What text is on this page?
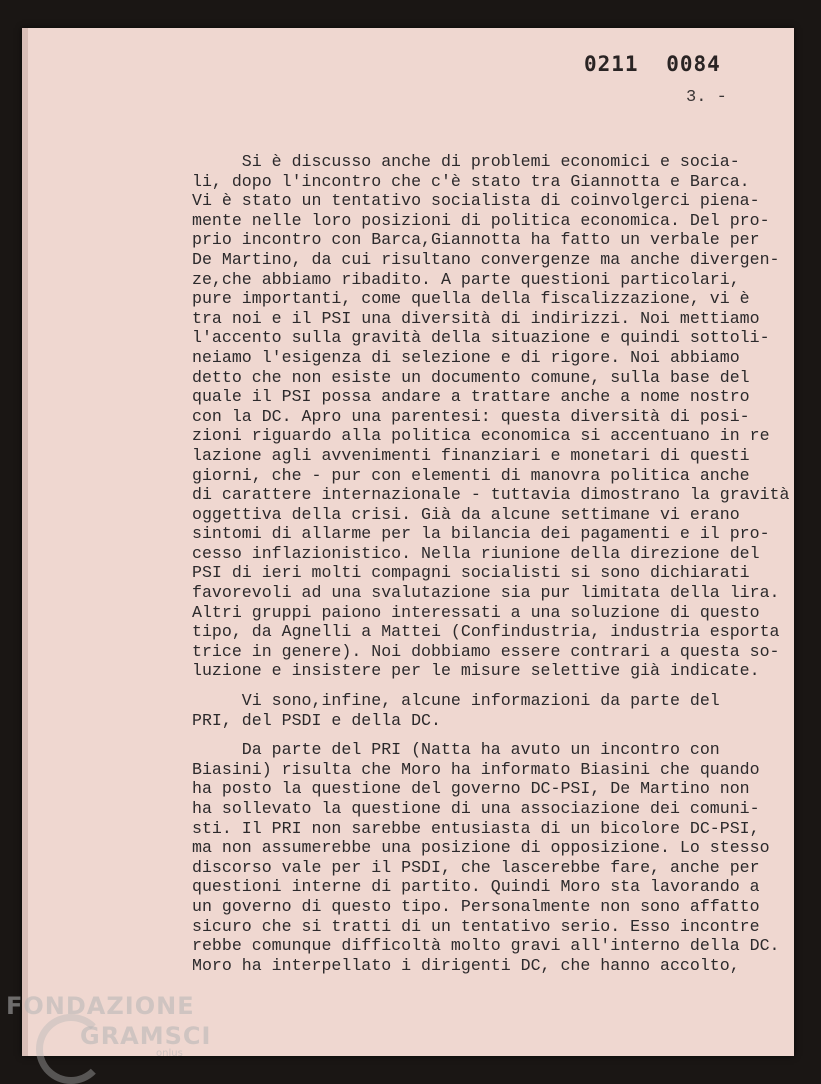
0211 0084
3. -
Si è discusso anche di problemi economici e socia-
li, dopo l'incontro che c'è stato tra Giannotta e Barca.
Vi è stato un tentativo socialista di coinvolgerci piena-
mente nelle loro posizioni di politica economica. Del pro-
prio incontro con Barca,Giannotta ha fatto un verbale per
De Martino, da cui risultano convergenze ma anche divergen-
ze,che abbiamo ribadito. A parte questioni particolari,
pure importanti, come quella della fiscalizzazione, vi è
tra noi e il PSI una diversità di indirizzi. Noi mettiamo
l'accento sulla gravità della situazione e quindi sottoli-
neiamo l'esigenza di selezione e di rigore. Noi abbiamo
detto che non esiste un documento comune, sulla base del
quale il PSI possa andare a trattare anche a nome nostro
con la DC. Apro una parentesi: questa diversità di posi-
zioni riguardo alla politica economica si accentuano in re
lazione agli avvenimenti finanziari e monetari di questi
giorni, che - pur con elementi di manovra politica anche
di carattere internazionale - tuttavia dimostrano la gravità
oggettiva della crisi. Già da alcune settimane vi erano
sintomi di allarme per la bilancia dei pagamenti e il pro-
cesso inflazionistico. Nella riunione della direzione del
PSI di ieri molti compagni socialisti si sono dichiarati
favorevoli ad una svalutazione sia pur limitata della lira.
Altri gruppi paiono interessati a una soluzione di questo
tipo, da Agnelli a Mattei (Confindustria, industria esporta
trice in genere). Noi dobbiamo essere contrari a questa so-
luzione e insistere per le misure selettive già indicate.
Vi sono,infine, alcune informazioni da parte del
PRI, del PSDI e della DC.
Da parte del PRI (Natta ha avuto un incontro con
Biasini) risulta che Moro ha informato Biasini che quando
ha posto la questione del governo DC-PSI, De Martino non
ha sollevato la questione di una associazione dei comuni-
sti. Il PRI non sarebbe entusiasta di un bicolore DC-PSI,
ma non assumerebbe una posizione di opposizione. Lo stesso
discorso vale per il PSDI, che lascerebbe fare, anche per
questioni interne di partito. Quindi Moro sta lavorando a
un governo di questo tipo. Personalmente non sono affatto
sicuro che si tratti di un tentativo serio. Esso incontre
rebbe comunque difficoltà molto gravi all'interno della DC.
Moro ha interpellato i dirigenti DC, che hanno accolto,
FONDAZIONE
GRAMSCI
onlus
